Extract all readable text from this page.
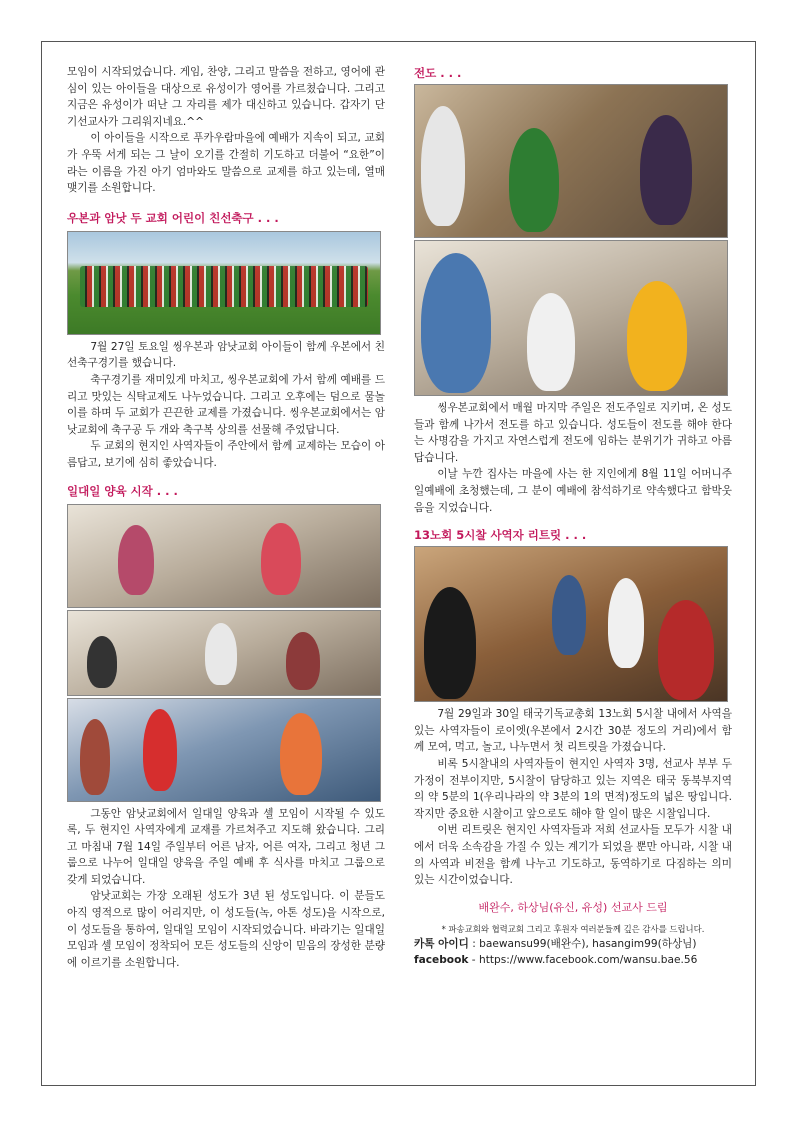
모임이 시작되었습니다. 게임, 찬양, 그리고 말씀을 전하고, 영어에 관심이 있는 아이들을 대상으로 유성이가 영어를 가르쳤습니다. 그리고 지금은 유성이가 떠난 그 자리를 제가 대신하고 있습니다. 갑자기 단기선교사가 그리워지네요.^^

이 아이들을 시작으로 푸카우람마을에 예배가 지속이 되고, 교회가 우뚝 서게 되는 그 날이 오기를 간절히 기도하고 더불어 “요한”이라는 이름을 가진 아기 엄마와도 말씀으로 교제를 하고 있는데, 열매 맺기를 소원합니다.

우본과 암낫 두 교회 어린이 친선축구 . . .

7월 27일 토요일 씽우본과 암낫교회 아이들이 함께 우본에서 친선축구경기를 했습니다.

축구경기를 재미있게 마치고, 씽우본교회에 가서 함께 예배를 드리고 맛있는 식탁교제도 나누었습니다. 그리고 오후에는 덤으로 물놀이를 하며 두 교회가 끈끈한 교제를 가졌습니다. 씽우본교회에서는 암낫교회에 축구공 두 개와 축구복 상의를 선물해 주었답니다.

두 교회의 현지인 사역자들이 주안에서 함께 교제하는 모습이 아름답고, 보기에 심히 좋았습니다.

일대일 양육 시작 . . .

그동안 암낫교회에서 일대일 양육과 셀 모임이 시작될 수 있도록, 두 현지인 사역자에게 교재를 가르쳐주고 지도해 왔습니다. 그리고 마침내 7월 14일 주일부터 어른 남자, 어른 여자, 그리고 청년 그룹으로 나누어 일대일 양육을 주일 예배 후 식사를 마치고 그룹으로 갖게 되었습니다.

암낫교회는 가장 오래된 성도가 3년 된 성도입니다. 이 분들도 아직 영적으로 많이 어리지만, 이 성도들(녹, 아톤 성도)을 시작으로, 이 성도들을 통하여, 일대일 모임이 시작되었습니다. 바라기는 일대일 모임과 셀 모임이 정착되어 모든 성도들의 신앙이 믿음의 장성한 분량에 이르기를 소원합니다.

전도 . . .

씽우본교회에서 매월 마지막 주일은 전도주일로 지키며, 온 성도들과 함께 나가서 전도를 하고 있습니다. 성도들이 전도를 해야 한다는 사명감을 가지고 자연스럽게 전도에 임하는 분위기가 귀하고 아름답습니다.

이날 누깐 집사는 마을에 사는 한 지인에게 8월 11일 어머니주일예배에 초청했는데, 그 분이 예배에 참석하기로 약속했다고 함박웃음을 지었습니다.

13노회 5시찰 사역자 리트릿 . . .

7월 29일과 30일 태국기독교총회 13노회 5시찰 내에서 사역을 있는 사역자들이 로이엣(우본에서 2시간 30분 정도의 거리)에서 함께 모여, 먹고, 놀고, 나누면서 첫 리트릿을 가졌습니다.

비록 5시찰내의 사역자들이 현지인 사역자 3명, 선교사 부부 두 가정이 전부이지만, 5시찰이 담당하고 있는 지역은 태국 동북부지역의 약 5분의 1(우리나라의 약 3분의 1의 면적)정도의 넓은 땅입니다. 작지만 중요한 시찰이고 앞으로도 해야 할 일이 많은 시찰입니다.

이번 리트릿은 현지인 사역자들과 저희 선교사들 모두가 시찰 내에서 더욱 소속감을 가질 수 있는 계기가 되었을 뿐만 아니라, 시찰 내의 사역과 비전을 함께 나누고 기도하고, 동역하기로 다짐하는 의미 있는 시간이었습니다.

배완수, 하상님(유신, 유성) 선교사 드림

* 파송교회와 협력교회 그리고 후원자 여러분들께 깊은 감사를 드립니다.

카톡 아이디 : baewansu99(배완수), hasangim99(하상님)

facebook - https://www.facebook.com/wansu.bae.56
